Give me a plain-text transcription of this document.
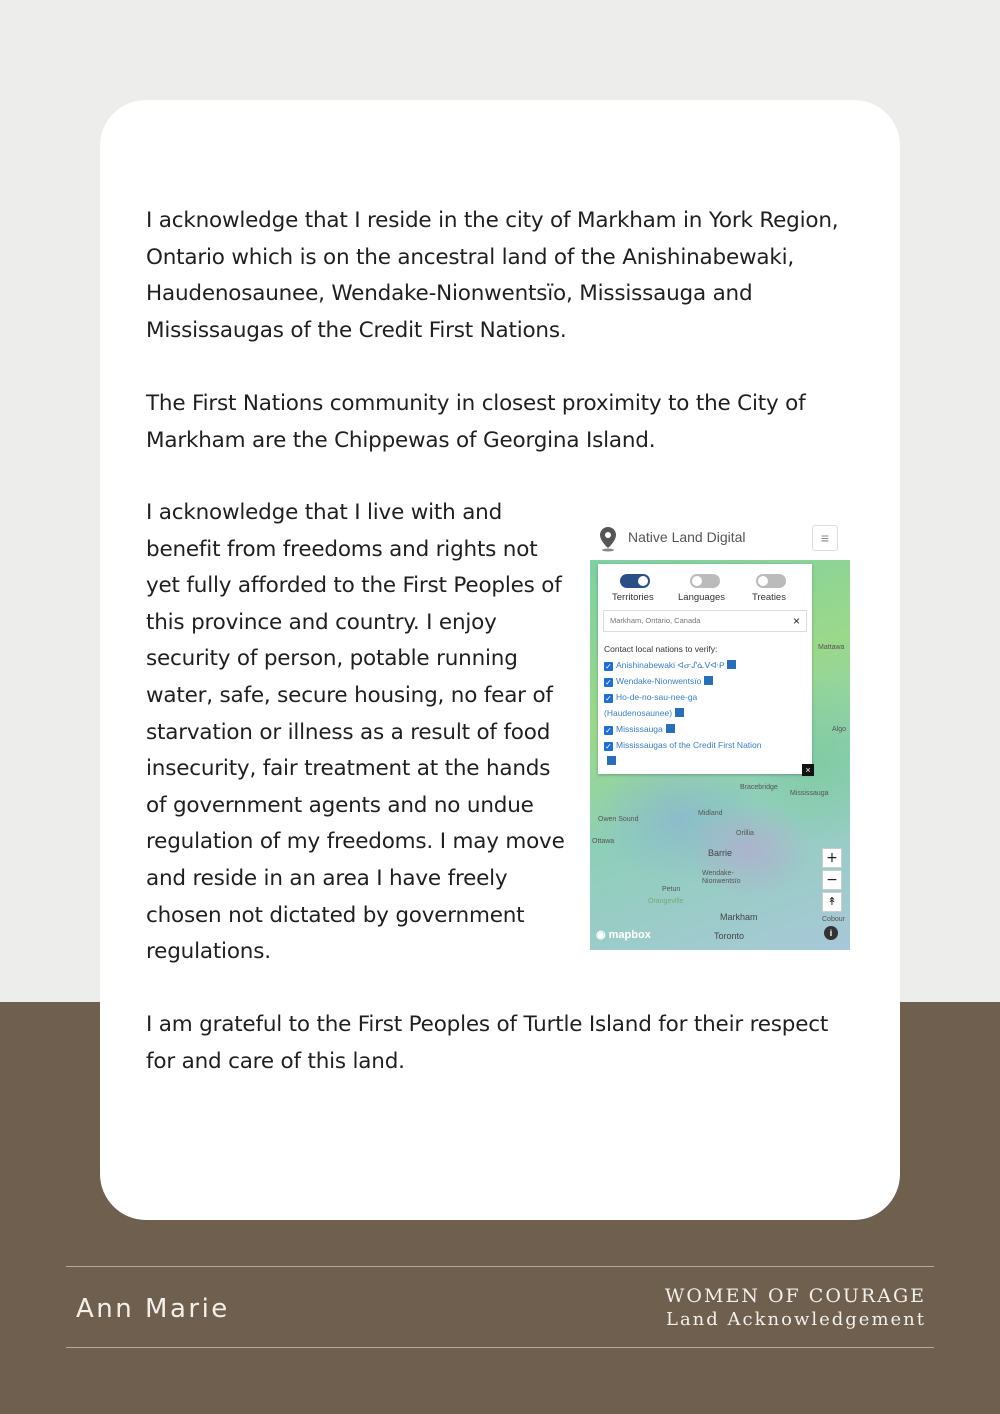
I acknowledge that I reside in the city of Markham in York Region, Ontario which is on the ancestral land of the Anishinabewaki, Haudenosaunee, Wendake-Nionwentsïo, Mississauga and Mississaugas of the Credit First Nations.

The First Nations community in closest proximity to the City of Markham are the Chippewas of Georgina Island.

I acknowledge that I live with and benefit from freedoms and rights not yet fully afforded to the First Peoples of this province and country. I enjoy security of person, potable running water, safe, secure housing, no fear of starvation or illness as a result of food insecurity, fair treatment at the hands of government agents and no undue regulation of my freedoms. I may move and reside in an area I have freely chosen not dictated by government regulations.

I am grateful to the First Peoples of Turtle Island for their respect for and care of this land.

Native Land Digital	≡
Mattawa
Algo
Bracebridge
Mississauga
Owen Sound
Midland
Orillia
Ottawa
Barrie
Wendake-
Nionwentsïo
Petun
Orangeville
Markham
Toronto
Cobour
Territories	Languages	Treaties
Markham, Ontario, Canada	×
Contact local nations to verify:
✓ Anishinabewaki ᐊᓂᔑᓈᐯᐘᑭ
✓ Wendake-Nionwentsïo
✓ Ho-de-no-sau-nee-ga
(Haudenosaunee)
✓ Mississauga
✓ Mississaugas of the Credit First Nation
×
+
−
↟
◉ mapbox	i
Ann Marie	WOMEN OF COURAGE
Land Acknowledgement
